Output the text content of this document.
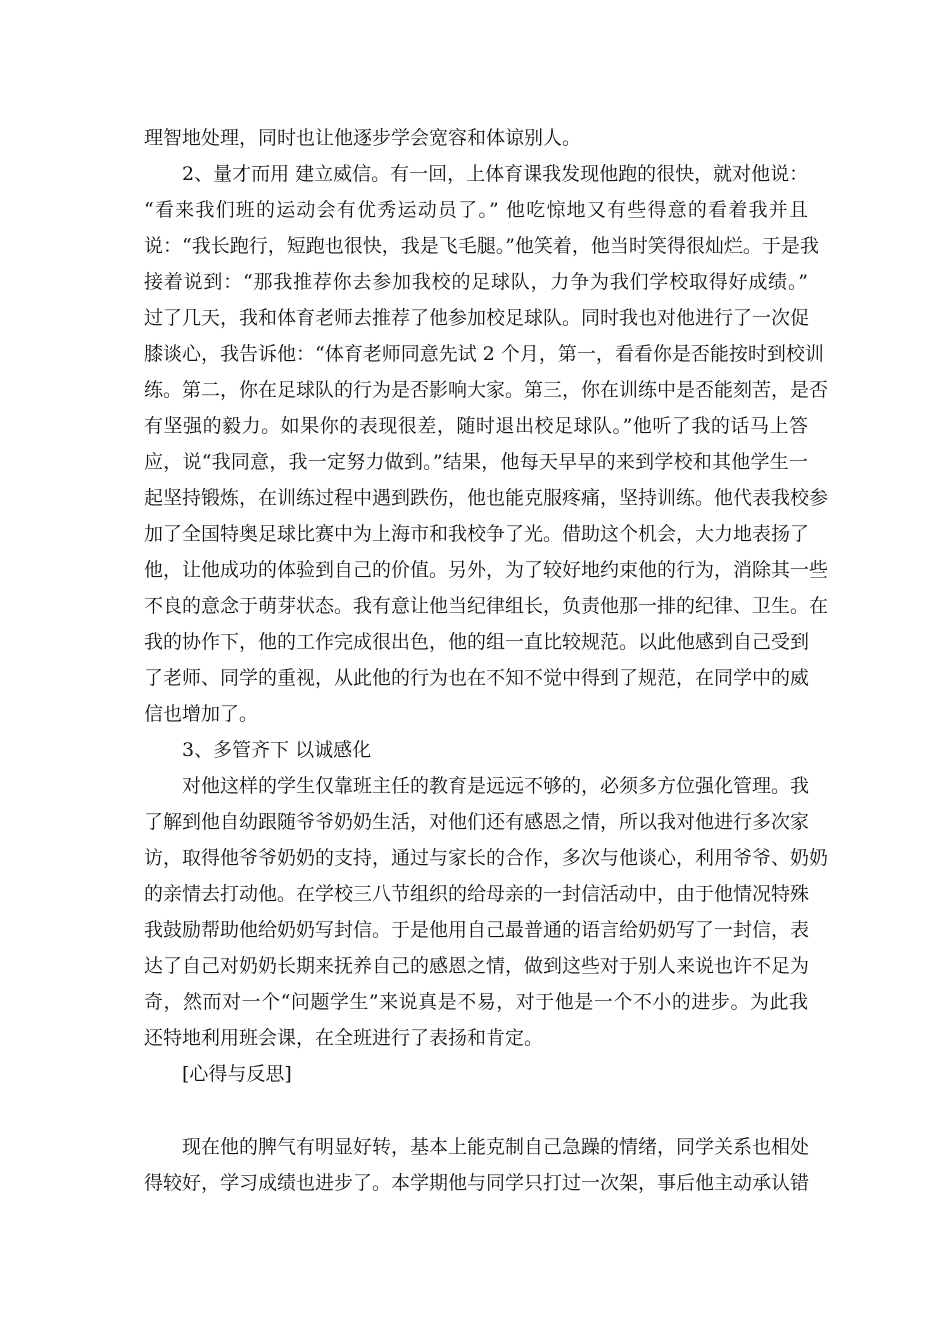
理智地处理，同时也让他逐步学会宽容和体谅别人。
2、量才而用 建立威信。有一回，上体育课我发现他跑的很快，就对他说：
“看来我们班的运动会有优秀运动员了。” 他吃惊地又有些得意的看着我并且
说：“我长跑行，短跑也很快，我是飞毛腿。”他笑着，他当时笑得很灿烂。于是我
接着说到：“那我推荐你去参加我校的足球队，力争为我们学校取得好成绩。”
过了几天，我和体育老师去推荐了他参加校足球队。同时我也对他进行了一次促
膝谈心，我告诉他：“体育老师同意先试 2 个月，第一，看看你是否能按时到校训
练。第二，你在足球队的行为是否影响大家。第三，你在训练中是否能刻苦，是否
有坚强的毅力。如果你的表现很差，随时退出校足球队。”他听了我的话马上答
应，说“我同意，我一定努力做到。”结果，他每天早早的来到学校和其他学生一
起坚持锻炼，在训练过程中遇到跌伤，他也能克服疼痛，坚持训练。他代表我校参
加了全国特奥足球比赛中为上海市和我校争了光。借助这个机会，大力地表扬了
他，让他成功的体验到自己的价值。另外，为了较好地约束他的行为，消除其一些
不良的意念于萌芽状态。我有意让他当纪律组长，负责他那一排的纪律、卫生。在
我的协作下，他的工作完成很出色，他的组一直比较规范。以此他感到自己受到
了老师、同学的重视，从此他的行为也在不知不觉中得到了规范，在同学中的威
信也增加了。
3、多管齐下 以诚感化
对他这样的学生仅靠班主任的教育是远远不够的，必须多方位强化管理。我
了解到他自幼跟随爷爷奶奶生活，对他们还有感恩之情，所以我对他进行多次家
访，取得他爷爷奶奶的支持，通过与家长的合作，多次与他谈心，利用爷爷、奶奶
的亲情去打动他。在学校三八节组织的给母亲的一封信活动中，由于他情况特殊
我鼓励帮助他给奶奶写封信。于是他用自己最普通的语言给奶奶写了一封信，表
达了自己对奶奶长期来抚养自己的感恩之情，做到这些对于别人来说也许不足为
奇，然而对一个“问题学生”来说真是不易，对于他是一个不小的进步。为此我
还特地利用班会课，在全班进行了表扬和肯定。
[心得与反思]
现在他的脾气有明显好转，基本上能克制自己急躁的情绪，同学关系也相处
得较好，学习成绩也进步了。本学期他与同学只打过一次架，事后他主动承认错
